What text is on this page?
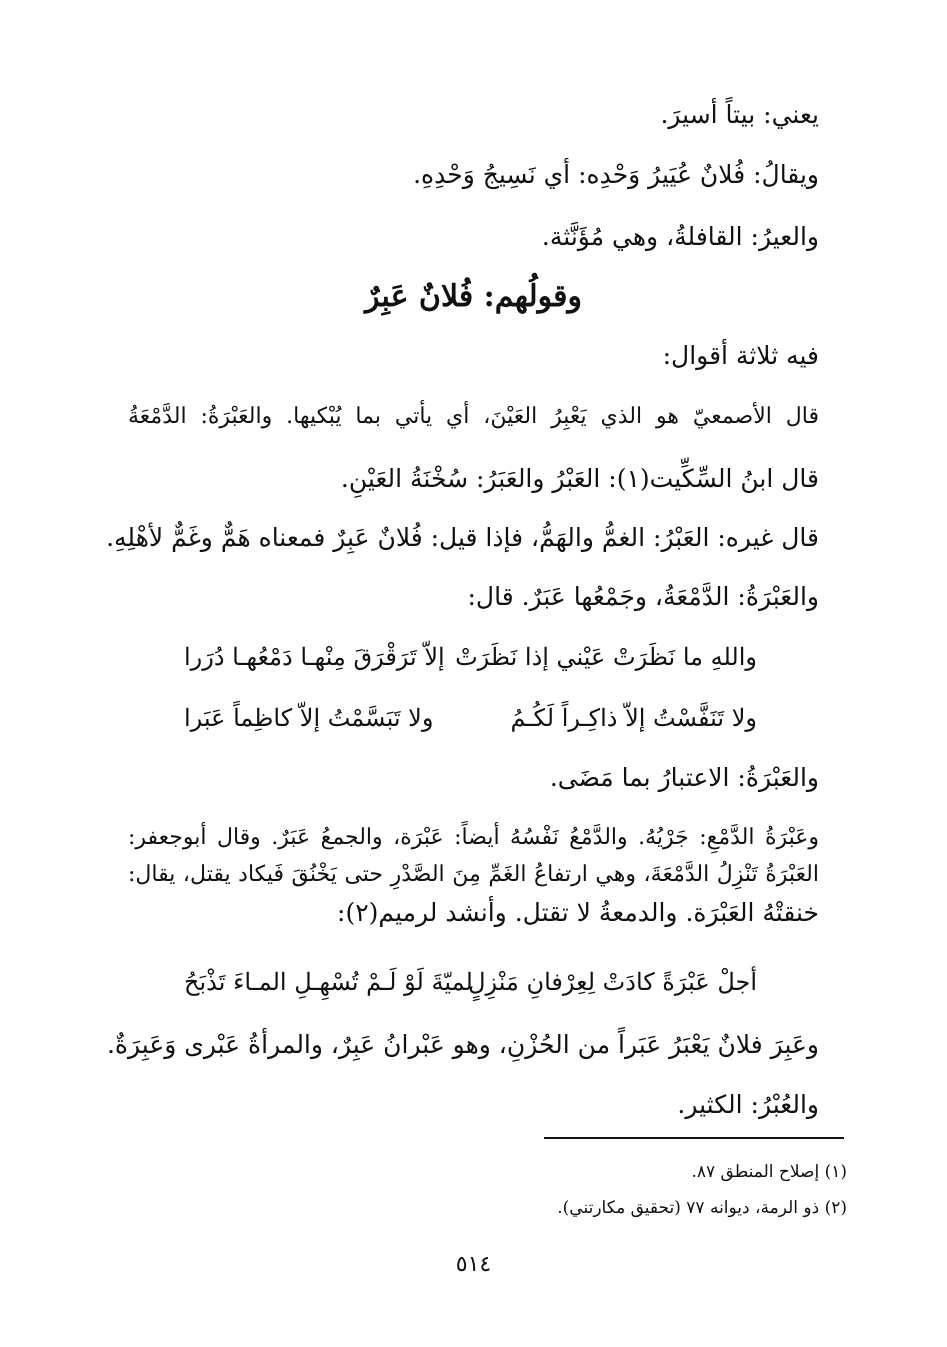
يعني: بيتاً أسيرَ.
ويقالُ: فُلانٌ عُيَيرُ وَحْدِه: أي نَسِيجُ وَحْدِهِ.
والعيرُ: القافلةُ، وهي مُؤَنَّثة.
وقولُهم: فُلانٌ عَبِرٌ
فيه ثلاثة أقوال:
قال الأصمعيّ هو الذي يَعْبِرُ العَيْنَ، أي يأتي بما يُبْكيها. والعَبْرَةُ: الدَّمْعَةُ
قال ابنُ السِّكِّيت(١): العَبْرُ والعَبَرُ: سُخْنَةُ العَيْنِ.
قال غيره: العَبْرُ: الغمُّ والهَمُّ، فإذا قيل: فُلانٌ عَبِرٌ فمعناه هَمٌّ وغَمٌّ لأهْلِهِ.
والعَبْرَةُ: الدَّمْعَةُ، وجَمْعُها عَبَرٌ. قال:
واللهِ ما نَظَرَتْ عَيْني إذا نَظَرَتْ
إلاّ تَرَقْرَقَ مِنْهـا دَمْعُهـا دُرَرا
ولا تَنَفَّسْتُ إلاّ ذاكِـراً لَكُـمُ
ولا تَبَسَّمْتُ إلاّ كاظِماً عَبَرا
والعَبْرَةُ: الاعتبارُ بما مَضَى.
وعَبْرَةُ الدَّمْعِ: جَرْيُهُ. والدَّمْعُ نَفْسُهُ أيضاً: عَبْرَة، والجمعُ عَبَرٌ. وقال أبوجعفر:
العَبْرَةُ تَنْزِلُ الدَّمْعَةَ، وهي ارتفاعُ الغَمِّ مِنَ الصَّدْرِ حتى يَخْنُقَ فَيكاد يقتل، يقال:
خنقتْهُ العَبْرَة. والدمعةُ لا تقتل. وأنشد لرميم(٢):
أجلْ عَبْرَةً كادَتْ لِعِرْفانِ مَنْزِلٍ
لميّةَ لَوْ لَـمْ تُسْهِـلِ المـاءَ تَذْبَحُ
وعَبِرَ فلانٌ يَعْبَرُ عَبَراً من الحُزْنِ، وهو عَبْرانُ عَبِرٌ، والمرأةُ عَبْرى وَعَبِرَةٌ.
والعُبْرُ: الكثير.
(١) إصلاح المنطق ٨٧.
(٢) ذو الرمة، ديوانه ٧٧ (تحقيق مكارتني).
٥١٤
